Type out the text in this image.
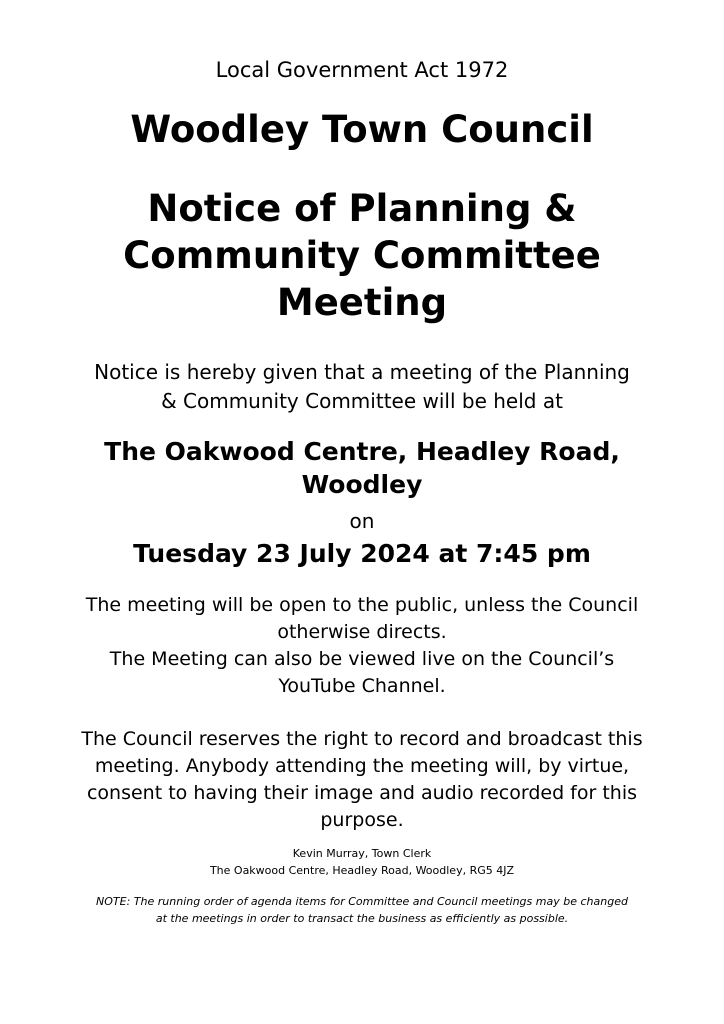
Local Government Act 1972

Woodley Town Council
Notice of Planning &
Community Committee
Meeting

Notice is hereby given that a meeting of the Planning
& Community Committee will be held at

The Oakwood Centre, Headley Road,
Woodley

on

Tuesday 23 July 2024 at 7:45 pm

The meeting will be open to the public, unless the Council
otherwise directs.
The Meeting can also be viewed live on the Council’s
YouTube Channel.

The Council reserves the right to record and broadcast this
meeting. Anybody attending the meeting will, by virtue,
consent to having their image and audio recorded for this
purpose.

Kevin Murray, Town Clerk
The Oakwood Centre, Headley Road, Woodley, RG5 4JZ

NOTE: The running order of agenda items for Committee and Council meetings may be changed
at the meetings in order to transact the business as efficiently as possible.
